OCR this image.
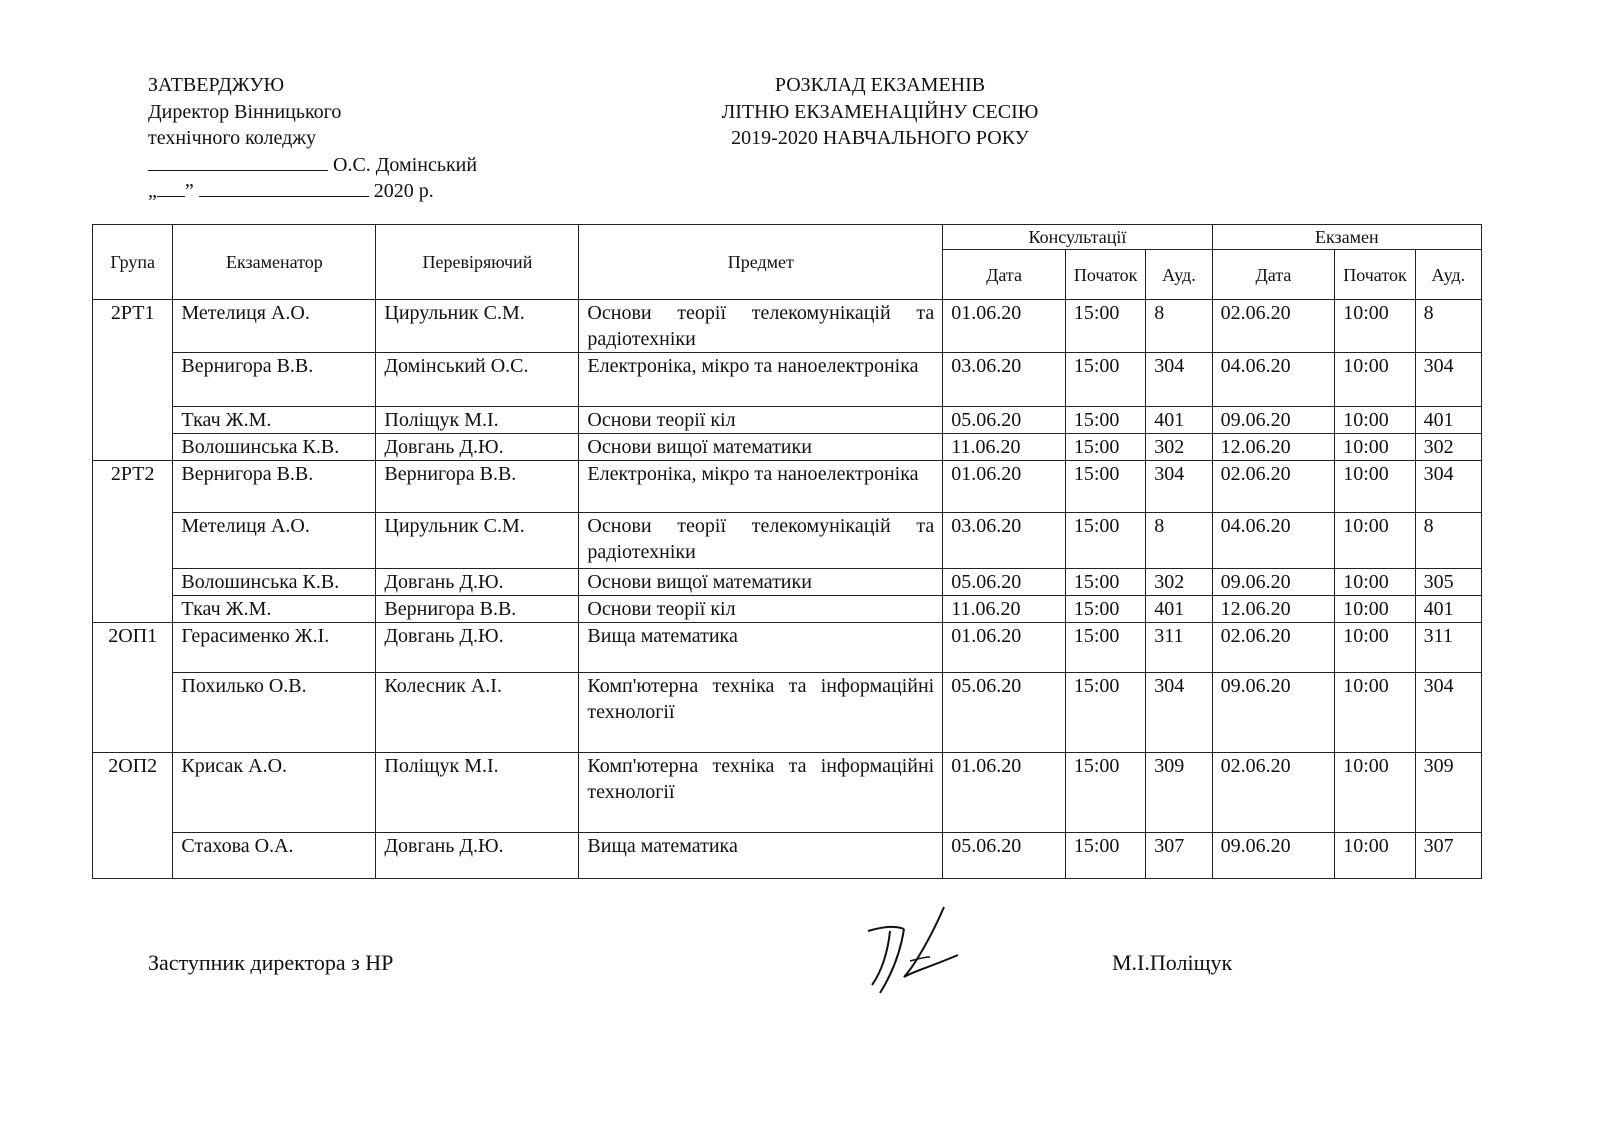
ЗАТВЕРДЖУЮ
Директор Вінницького
технічного коледжу
О.С. Домінський
„ ”	2020 р.
РОЗКЛАД ЕКЗАМЕНІВ
ЛІТНЮ ЕКЗАМЕНАЦІЙНУ СЕСІЮ
2019-2020 НАВЧАЛЬНОГО РОКУ
Група	Екзаменатор	Перевіряючий	Предмет	Консультації			Екзамен		
				Дата	Початок	Ауд.	Дата	Початок	Ауд.
2РТ1	Метелиця А.О.	Цирульник С.М.	Основи теорії телекомунікацій та радіотехніки	01.06.20	15:00	8	02.06.20	10:00	8
	Вернигора В.В.	Домінський О.С.	Електроніка, мікро та наноелектроніка	03.06.20	15:00	304	04.06.20	10:00	304
	Ткач Ж.М.	Поліщук М.І.	Основи теорії кіл	05.06.20	15:00	401	09.06.20	10:00	401
	Волошинська К.В.	Довгань Д.Ю.	Основи вищої математики	11.06.20	15:00	302	12.06.20	10:00	302
2РТ2	Вернигора В.В.	Вернигора В.В.	Електроніка, мікро та наноелектроніка	01.06.20	15:00	304	02.06.20	10:00	304
	Метелиця А.О.	Цирульник С.М.	Основи теорії телекомунікацій та радіотехніки	03.06.20	15:00	8	04.06.20	10:00	8
	Волошинська К.В.	Довгань Д.Ю.	Основи вищої математики	05.06.20	15:00	302	09.06.20	10:00	305
	Ткач Ж.М.	Вернигора В.В.	Основи теорії кіл	11.06.20	15:00	401	12.06.20	10:00	401
2ОП1	Герасименко Ж.І.	Довгань Д.Ю.	Вища математика	01.06.20	15:00	311	02.06.20	10:00	311
	Похилько О.В.	Колесник А.І.	Комп'ютерна техніка та інформаційні технології	05.06.20	15:00	304	09.06.20	10:00	304
2ОП2	Крисак А.О.	Поліщук М.І.	Комп'ютерна техніка та інформаційні технології	01.06.20	15:00	309	02.06.20	10:00	309
	Стахова О.А.	Довгань Д.Ю.	Вища математика	05.06.20	15:00	307	09.06.20	10:00	307
Заступник директора з НР	М.І.Поліщук
